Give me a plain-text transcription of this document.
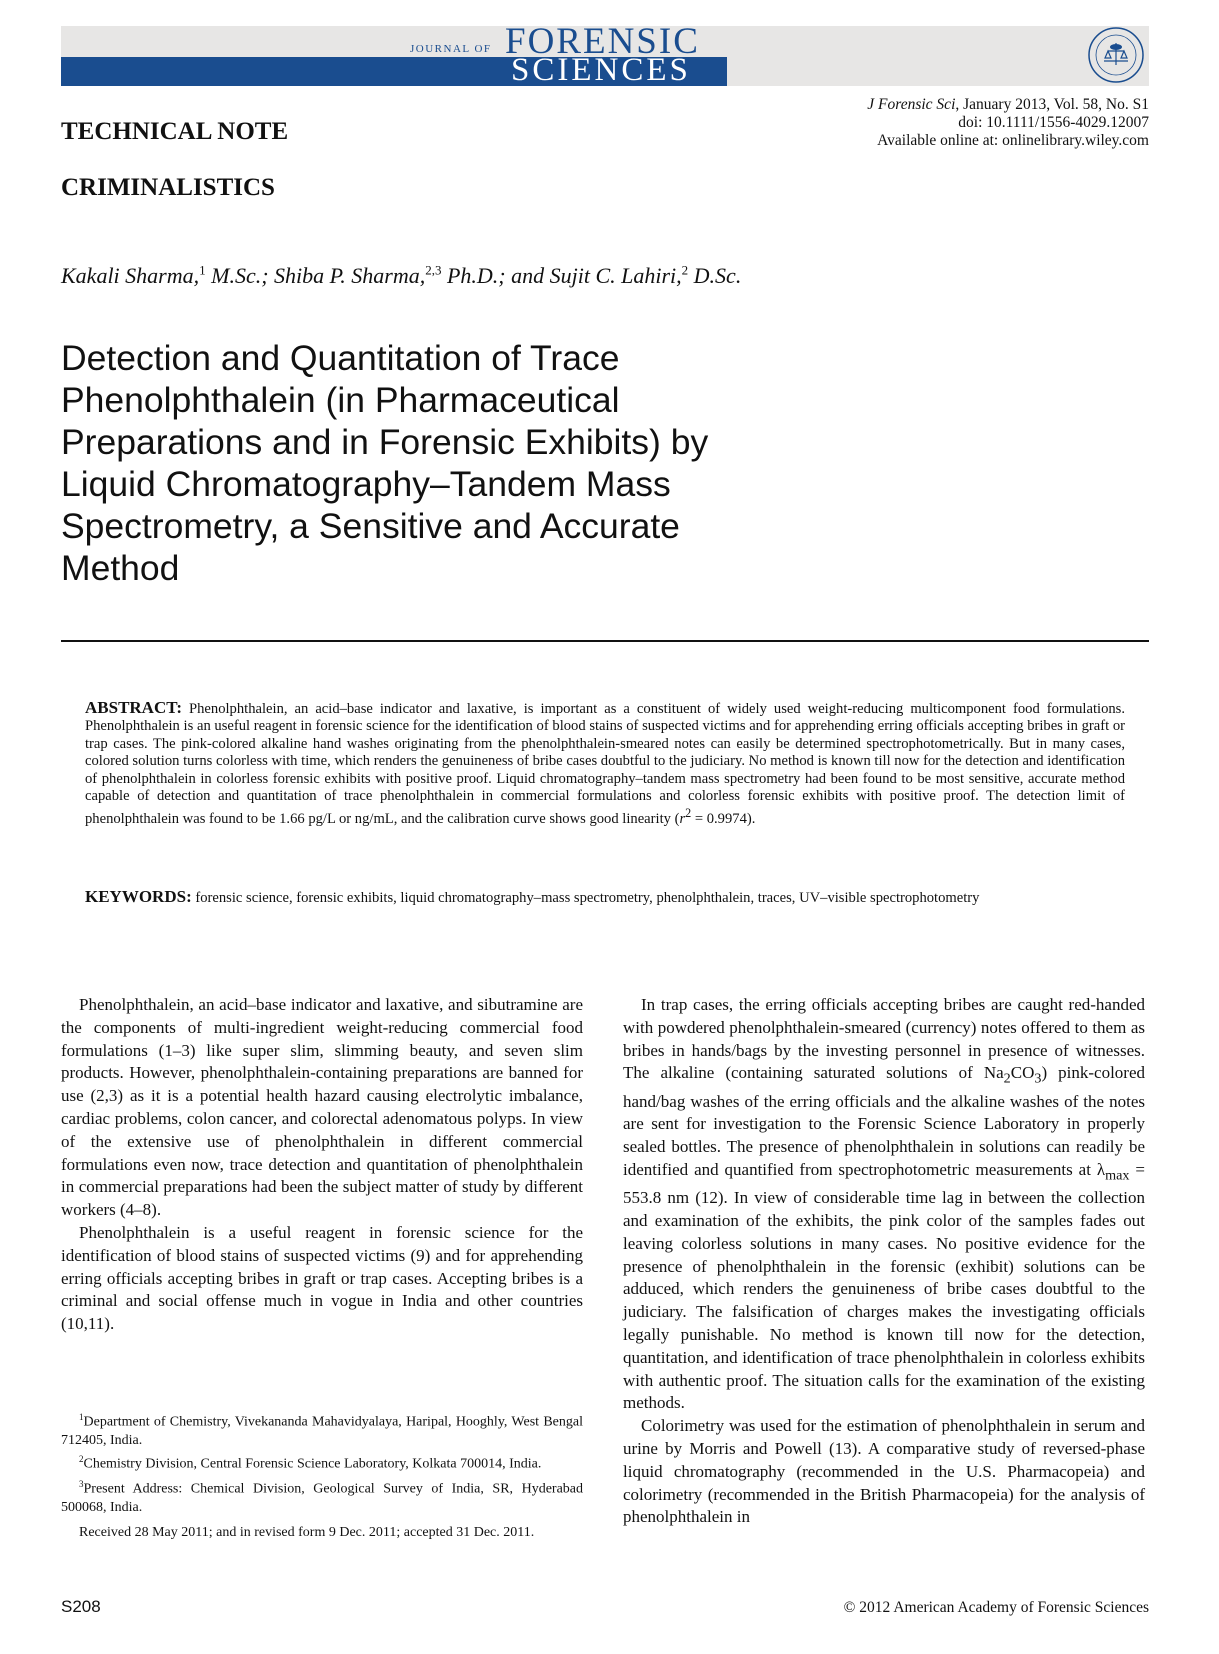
JOURNAL OF FORENSIC
SCIENCES
J Forensic Sci, January 2013, Vol. 58, No. S1
doi: 10.1111/1556-4029.12007
Available online at: onlinelibrary.wiley.com
TECHNICAL NOTE
CRIMINALISTICS
Kakali Sharma,$^1$ M.Sc.; Shiba P. Sharma,$^{2,3}$ Ph.D.; and Sujit C. Lahiri,$^2$ D.Sc.
Detection and Quantitation of Trace
Phenolphthalein (in Pharmaceutical
Preparations and in Forensic Exhibits) by
Liquid Chromatography–Tandem Mass
Spectrometry, a Sensitive and Accurate
Method

ABSTRACT: Phenolphthalein, an acid–base indicator and laxative, is important as a constituent of widely used weight-reducing multicomponent food formulations. Phenolphthalein is an useful reagent in forensic science for the identification of blood stains of suspected victims and for apprehending erring officials accepting bribes in graft or trap cases. The pink-colored alkaline hand washes originating from the phenolphthalein-smeared notes can easily be determined spectrophotometrically. But in many cases, colored solution turns colorless with time, which renders the genuineness of bribe cases doubtful to the judiciary. No method is known till now for the detection and identification of phenolphthalein in colorless forensic exhibits with positive proof. Liquid chromatography–tandem mass spectrometry had been found to be most sensitive, accurate method capable of detection and quantitation of trace phenolphthalein in commercial formulations and colorless forensic exhibits with positive proof. The detection limit of phenolphthalein was found to be 1.66 pg/L or ng/mL, and the calibration curve shows good linearity $(r^2 = 0.9974)$.

KEYWORDS: forensic science, forensic exhibits, liquid chromatography–mass spectrometry, phenolphthalein, traces, UV–visible spectrophotometry

Phenolphthalein, an acid–base indicator and laxative, and sibutramine are the components of multi-ingredient weight-reducing commercial food formulations (1–3) like super slim, slimming beauty, and seven slim products. However, phenolphthalein-containing preparations are banned for use (2,3) as it is a potential health hazard causing electrolytic imbalance, cardiac problems, colon cancer, and colorectal adenomatous polyps. In view of the extensive use of phenolphthalein in different commercial formulations even now, trace detection and quantitation of phenolphthalein in commercial preparations had been the subject matter of study by different workers (4–8).

Phenolphthalein is a useful reagent in forensic science for the identification of blood stains of suspected victims (9) and for apprehending erring officials accepting bribes in graft or trap cases. Accepting bribes is a criminal and social offense much in vogue in India and other countries (10,11).

$^1$Department of Chemistry, Vivekananda Mahavidyalaya, Haripal, Hooghly, West Bengal 712405, India.

$^2$Chemistry Division, Central Forensic Science Laboratory, Kolkata 700014, India.

$^3$Present Address: Chemical Division, Geological Survey of India, SR, Hyderabad 500068, India.

Received 28 May 2011; and in revised form 9 Dec. 2011; accepted 31 Dec. 2011.

In trap cases, the erring officials accepting bribes are caught red-handed with powdered phenolphthalein-smeared (currency) notes offered to them as bribes in hands/bags by the investing personnel in presence of witnesses. The alkaline (containing saturated solutions of $Na_2CO_3$) pink-colored hand/bag washes of the erring officials and the alkaline washes of the notes are sent for investigation to the Forensic Science Laboratory in properly sealed bottles. The presence of phenolphthalein in solutions can readily be identified and quantified from spectrophotometric measurements at $\lambda_{max} = 553.8$ nm (12). In view of considerable time lag in between the collection and examination of the exhibits, the pink color of the samples fades out leaving colorless solutions in many cases. No positive evidence for the presence of phenolphthalein in the forensic (exhibit) solutions can be adduced, which renders the genuineness of bribe cases doubtful to the judiciary. The falsification of charges makes the investigating officials legally punishable. No method is known till now for the detection, quantitation, and identification of trace phenolphthalein in colorless exhibits with authentic proof. The situation calls for the examination of the existing methods.

Colorimetry was used for the estimation of phenolphthalein in serum and urine by Morris and Powell (13). A comparative study of reversed-phase liquid chromatography (recommended in the U.S. Pharmacopeia) and colorimetry (recommended in the British Pharmacopeia) for the analysis of phenolphthalein in

S208	© 2012 American Academy of Forensic Sciences
